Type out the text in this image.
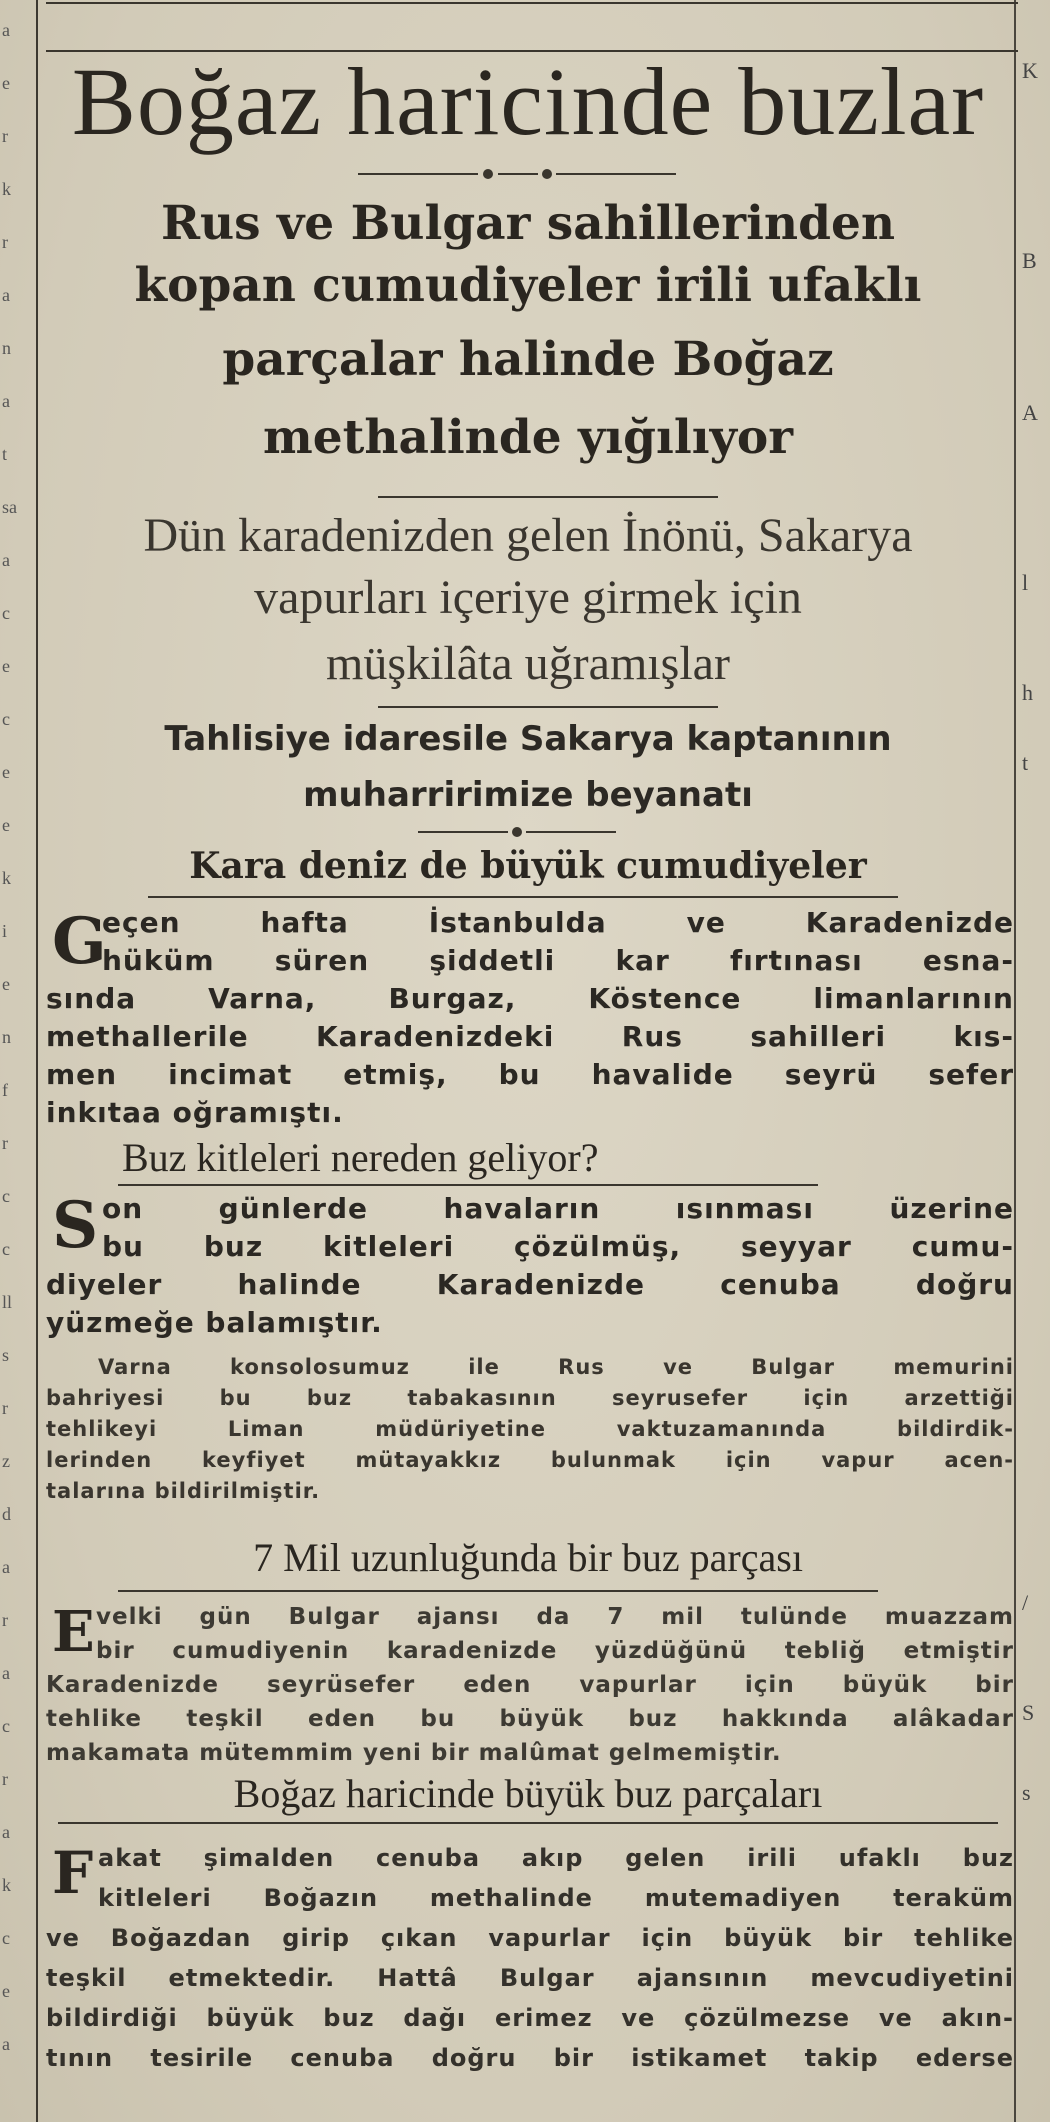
a
e
r
k
r
a
n
a
t
sa
a
c
e
c
e
e
k
i
e
n
f
r
c
c
ll
s
r
z
d
a
r
a
c
r
a
k
c
e
a
K
B
A
l
h
t
/
S
s
Boğaz haricinde buzlar
Rus ve Bulgar sahillerinden
kopan cumudiyeler irili ufaklı
parçalar halinde Boğaz
methalinde yığılıyor
Dün karadenizden gelen İnönü, Sakarya
vapurları içeriye girmek için
müşkilâta uğramışlar
Tahlisiye idaresile Sakarya kaptanının
muharririmize beyanatı
Kara deniz de büyük cumudiyeler
G
eçen hafta İstanbulda ve Karadenizde
hüküm süren şiddetli kar fırtınası esna-
sında Varna, Burgaz, Köstence limanlarının
methallerile Karadenizdeki Rus sahilleri kıs-
men incimat etmiş, bu havalide seyrü sefer
inkıtaa oğramıştı.
Buz kitleleri nereden geliyor?
S on günlerde havaların ısınması üzerine
bu buz kitleleri çözülmüş, seyyar cumu-
diyeler halinde Karadenizde cenuba doğru
yüzmeğe balamıştır.
Varna konsolosumuz ile Rus ve Bulgar memurini
bahriyesi bu buz tabakasının seyrusefer için arzettiği
tehlikeyi Liman müdüriyetine vaktuzamanında bildirdik-
lerinden keyfiyet mütayakkız bulunmak için vapur acen-
talarına bildirilmiştir.
7 Mil uzunluğunda bir buz parçası
E velki gün Bulgar ajansı da 7 mil tulünde muazzam
bir cumudiyenin karadenizde yüzdüğünü tebliğ etmiştir
Karadenizde seyrüsefer eden vapurlar için büyük bir
tehlike teşkil eden bu büyük buz hakkında alâkadar
makamata mütemmim yeni bir malûmat gelmemiştir.
Boğaz haricinde büyük buz parçaları
F akat şimalden cenuba akıp gelen irili ufaklı buz
kitleleri Boğazın methalinde mutemadiyen teraküm
ve Boğazdan girip çıkan vapurlar için büyük bir tehlike
teşkil etmektedir. Hattâ Bulgar ajansının mevcudiyetini
bildirdiği büyük buz dağı erimez ve çözülmezse ve akın-
tının tesirile cenuba doğru bir istikamet takip ederse
